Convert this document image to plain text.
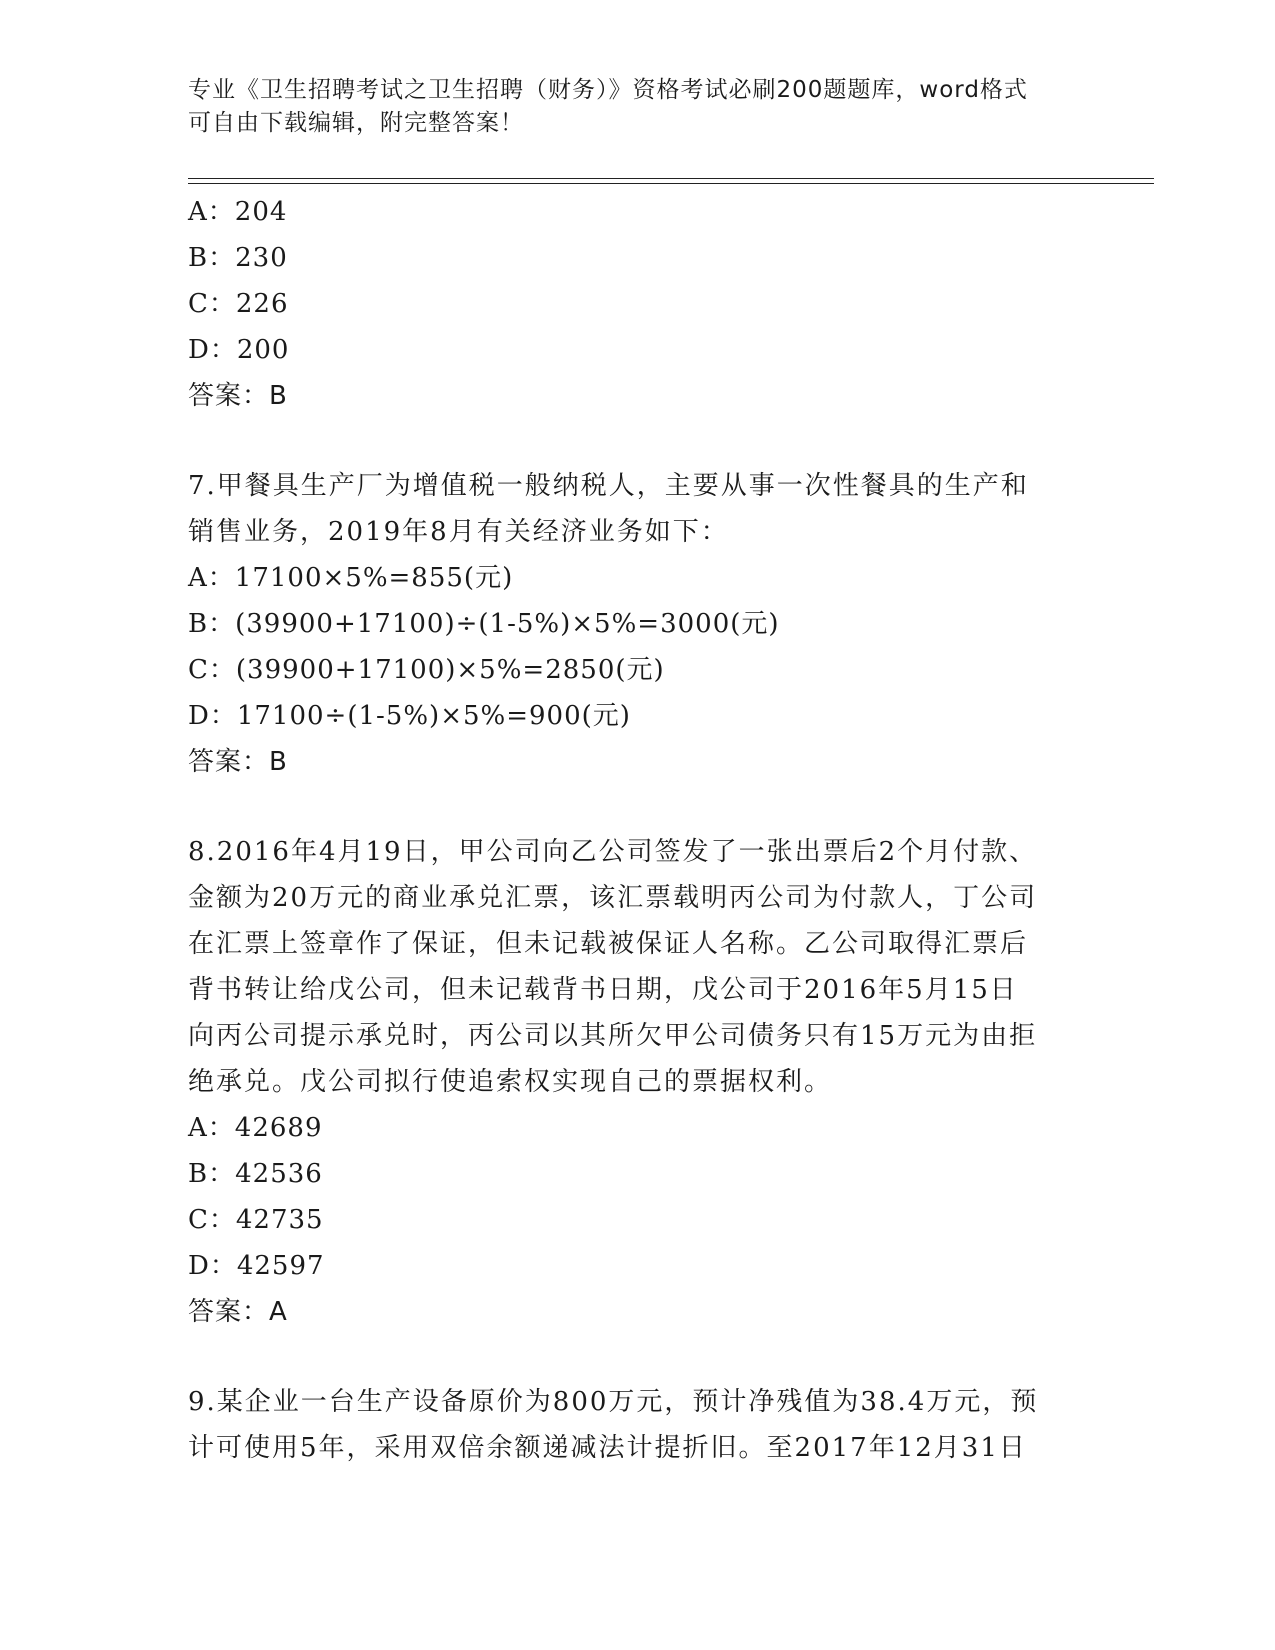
专业《卫生招聘考试之卫生招聘（财务）》资格考试必刷200题题库，word格式
可自由下载编辑，附完整答案！
A：204
B：230
C：226
D：200
答案：B
7.甲餐具生产厂为增值税一般纳税人，主要从事一次性餐具的生产和
销售业务，2019年8月有关经济业务如下：
A：17100×5%=855(元)
B：(39900+17100)÷(1-5%)×5%=3000(元)
C：(39900+17100)×5%=2850(元)
D：17100÷(1-5%)×5%=900(元)
答案：B
8.2016年4月19日，甲公司向乙公司签发了一张出票后2个月付款、
金额为20万元的商业承兑汇票，该汇票载明丙公司为付款人，丁公司
在汇票上签章作了保证，但未记载被保证人名称。乙公司取得汇票后
背书转让给戊公司，但未记载背书日期，戊公司于2016年5月15日
向丙公司提示承兑时，丙公司以其所欠甲公司债务只有15万元为由拒
绝承兑。戊公司拟行使追索权实现自己的票据权利。
A：42689
B：42536
C：42735
D：42597
答案：A
9.某企业一台生产设备原价为800万元，预计净残值为38.4万元，预
计可使用5年，采用双倍余额递减法计提折旧。至2017年12月31日
